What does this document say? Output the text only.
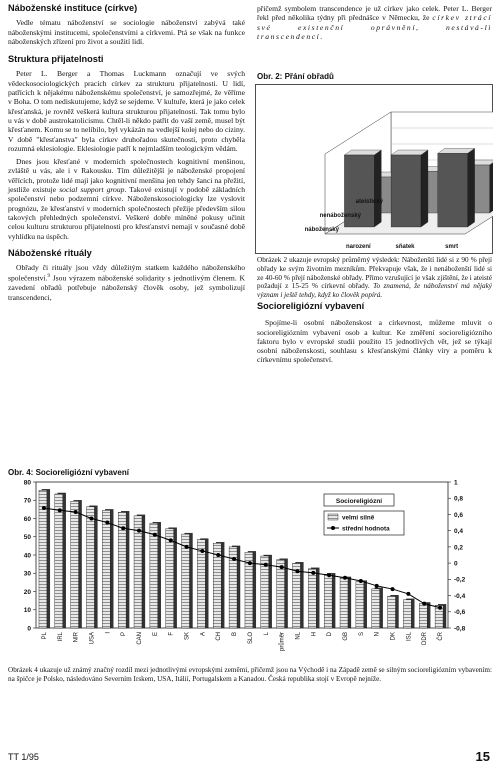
Náboženské instituce (církve)

Vedle tématu náboženství se sociologie náboženství zabývá také náboženskými institucemi, společenstvími a církvemi. Ptá se však na funkce náboženských zřízení pro život a soužití lidí.

Struktura přijatelnosti

Peter L. Berger a Thomas Luckmann označují ve svých vědeckosociologických pracích církev za strukturu přijatelnosti. U lidí, patřících k nějakému náboženskému společenství, je samozřejmé, že věříme v Boha. O tom nediskutujeme, když se sejdeme. V kultuře, která je jako celek křesťanská, je rovněž veškerá kultura strukturou přijatelnosti. Tak tomu bylo u vás v době austrokatolicismu. Chtěl-li někdo patřit do vaší země, musel být křesťanem. Komu se to nelíbilo, byl vykázán na vedlejší kolej nebo do ciziny. V době "křesťanstva" byla církev druhořadou skutečností, proto chyběla rozumná eklesiologie. Eklesiologie patří k nejmladším teologickým vědám.

Dnes jsou křesťané v moderních společnostech kognitivní menšinou, zvláště u vás, ale i v Rakousku. Tím důležitější je náboženské propojení věřících, protože lidé mají jako kognitivní menšina jen tehdy šanci na přežití, jestliže existuje social support group. Takové existují v podobě základních společenství nebo podzemní církve. Náboženskosociologicky lze vyslovit prognózu, že křesťanství v moderních společnostech přežije především silou takových přehledných společenství. Veškeré dobře míněné pokusy učinit celou kulturu strukturou přijatelnosti pro křesťanství nemají v současné době vyhlídku na úspěch.

Náboženské rituály

Obřady či rituály jsou vždy důležitým statkem každého náboženského společenství.$^9$ Jsou výrazem náboženské solidarity s jednotlivým členem. K zavedení obřadů potřebuje náboženský člověk osoby, jež symbolizují transcendenci,

přičemž symbolem transcendence je už církev jako celek. Peter L. Berger řekl před několika týdny při přednášce v Německu, že církev ztrácí své existenční oprávnění, nestává-li transcendencí.

Obr. 2: Přání obřadů
náboženský
nenáboženský
ateistický
narození	sňatek	smrt
Obrázek 2 ukazuje evropský průměrný výsledek: Náboženští lidé si z 90 % přejí obřady ke svým životním mezníkům. Překvapuje však, že i nenáboženští lidé si ze 40-60 % přejí náboženské obřady. Přímo vzrušující je však zjištění, že i ateisté požadují z 15-25 % církevní obřady. To znamená, že náboženství má nějaký význam i ještě tehdy, když ko člověk popírá.
Socioreligiózní vybavení

Spojíme-li osobní náboženskost a církevnost, můžeme mluvit o socioreligiózním vybavení osob a kultur. Ke změření socioreligiózního faktoru bylo v evropské studii použito 15 jednotlivých vět, jež se týkají osobní náboženskosti, souhlasu s křesťanskými články víry a poměru k církevnímu společenství.

Obr. 4: Socioreligiózní vybavení
0
10
20
30
40
50
60
70
80	1
0,8
0,6
0,4
0,2
0
-0,2
-0,4
-0,6
-0,8
PL IRL NIR USA I P CAN E F SK A CH B SLO L průměr NL H D GB S N DK ISL DDR ČR
Socioreligiózní
velmi silně
střední hodnota
Obrázek 4 ukazuje už známý značný rozdíl mezi jednotlivými evropskými zeměmi, přičemž jsou na Východě i na Západě země se silným socioreligiózním vybavením: na špičce je Polsko, následováno Severním Irskem, USA, Itálií, Portugalskem a Kanadou. Česká republika stojí v Evropě nejníže.
TT 1/95	15
